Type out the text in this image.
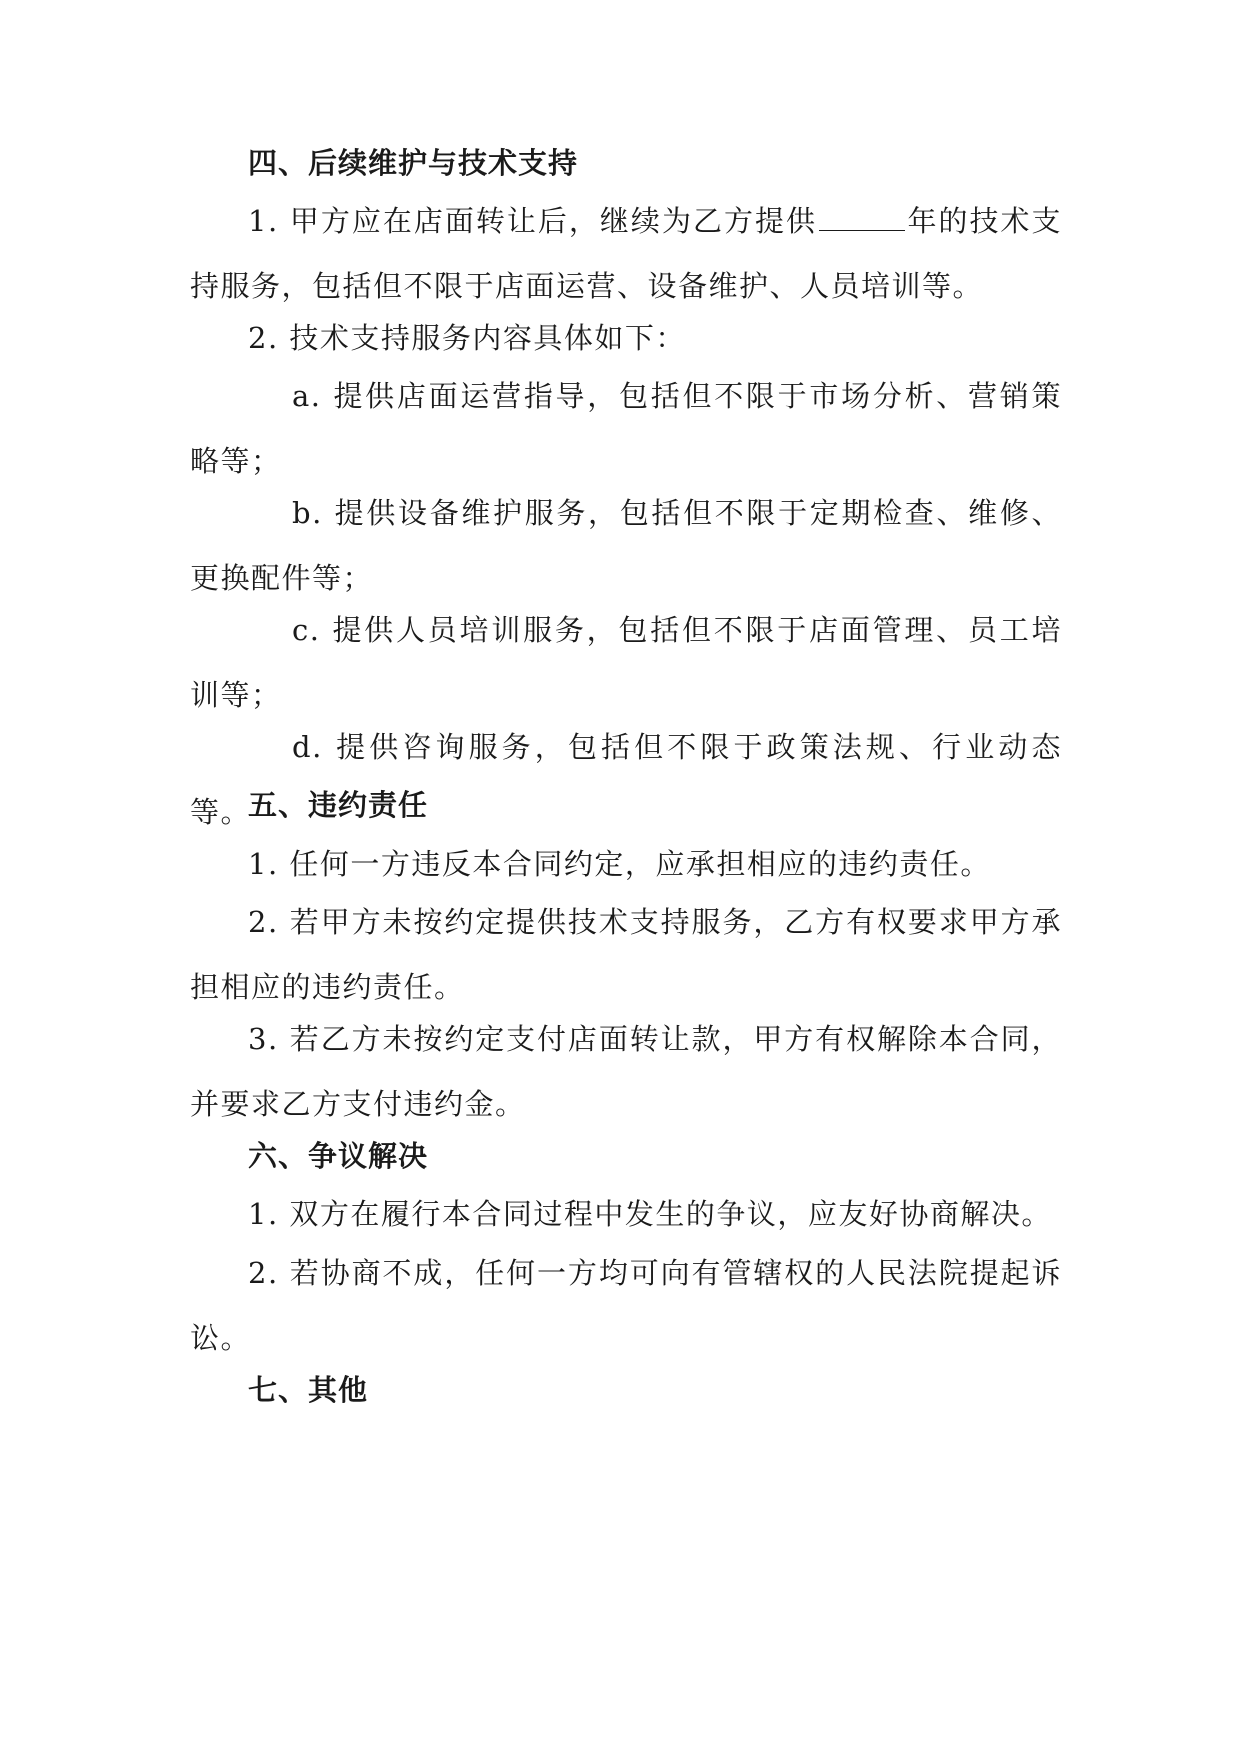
四、后续维护与技术支持

1. 甲方应在店面转让后，继续为乙方提供	年的技术支持服务，包括但不限于店面运营、设备维护、人员培训等。

2. 技术支持服务内容具体如下：

a. 提供店面运营指导，包括但不限于市场分析、营销策略等；

b. 提供设备维护服务，包括但不限于定期检查、维修、更换配件等；

c. 提供人员培训服务，包括但不限于店面管理、员工培训等；

d. 提供咨询服务，包括但不限于政策法规、行业动态等。

五、违约责任

1. 任何一方违反本合同约定，应承担相应的违约责任。

2. 若甲方未按约定提供技术支持服务，乙方有权要求甲方承担相应的违约责任。

3. 若乙方未按约定支付店面转让款，甲方有权解除本合同，并要求乙方支付违约金。

六、争议解决

1. 双方在履行本合同过程中发生的争议，应友好协商解决。

2. 若协商不成，任何一方均可向有管辖权的人民法院提起诉讼。

七、其他
